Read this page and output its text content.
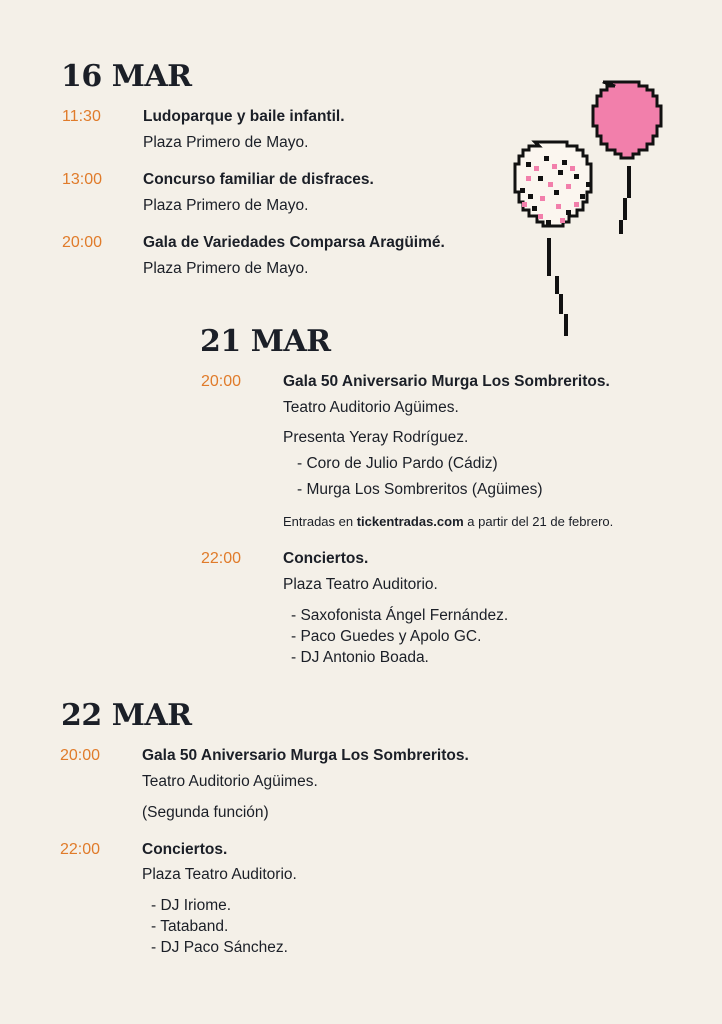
16 MAR
11:30	Ludoparque y baile infantil.
Plaza Primero de Mayo.
13:00	Concurso familiar de disfraces.
Plaza Primero de Mayo.
20:00	Gala de Variedades Comparsa Aragüimé.
Plaza Primero de Mayo.
21 MAR
20:00	Gala 50 Aniversario Murga Los Sombreritos.
Teatro Auditorio Agüimes.
Presenta Yeray Rodríguez.
- Coro de Julio Pardo (Cádiz)
- Murga Los Sombreritos (Agüimes)
Entradas en tickentradas.com a partir del 21 de febrero.
22:00	Conciertos.
Plaza Teatro Auditorio.
- Saxofonista Ángel Fernández.
- Paco Guedes y Apolo GC.
- DJ Antonio Boada.
22 MAR
20:00	Gala 50 Aniversario Murga Los Sombreritos.
Teatro Auditorio Agüimes.
(Segunda función)
22:00	Conciertos.
Plaza Teatro Auditorio.
- DJ Iriome.
- Tataband.
- DJ Paco Sánchez.
